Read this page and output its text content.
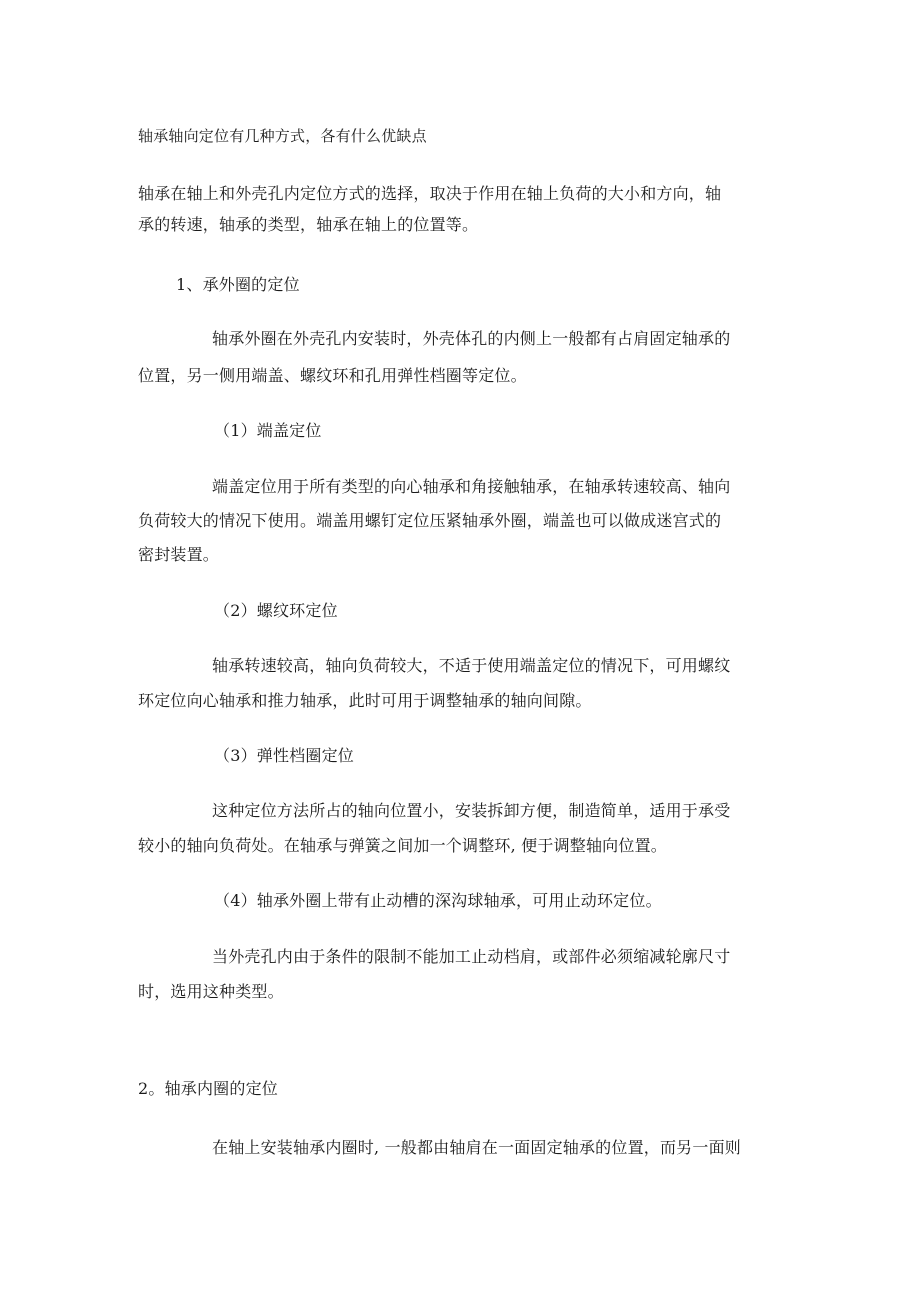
轴承轴向定位有几种方式，各有什么优缺点
轴承在轴上和外壳孔内定位方式的选择，取决于作用在轴上负荷的大小和方向，轴
承的转速，轴承的类型，轴承在轴上的位置等。
1、承外圈的定位
轴承外圈在外壳孔内安装时，外壳体孔的内侧上一般都有占肩固定轴承的
位置，另一侧用端盖、螺纹环和孔用弹性档圈等定位。
（1）端盖定位
端盖定位用于所有类型的向心轴承和角接触轴承，在轴承转速较高、轴向
负荷较大的情况下使用。端盖用螺钉定位压紧轴承外圈，端盖也可以做成迷宫式的
密封装置。
（2）螺纹环定位
轴承转速较高，轴向负荷较大，不适于使用端盖定位的情况下，可用螺纹
环定位向心轴承和推力轴承，此时可用于调整轴承的轴向间隙。
（3）弹性档圈定位
这种定位方法所占的轴向位置小，安装拆卸方便，制造简单，适用于承受
较小的轴向负荷处。在轴承与弹簧之间加一个调整环, 便于调整轴向位置。
（4）轴承外圈上带有止动槽的深沟球轴承，可用止动环定位。
当外壳孔内由于条件的限制不能加工止动档肩，或部件必须缩减轮廓尺寸
时，选用这种类型。
2。轴承内圈的定位
在轴上安装轴承内圈时, 一般都由轴肩在一面固定轴承的位置，而另一面则
